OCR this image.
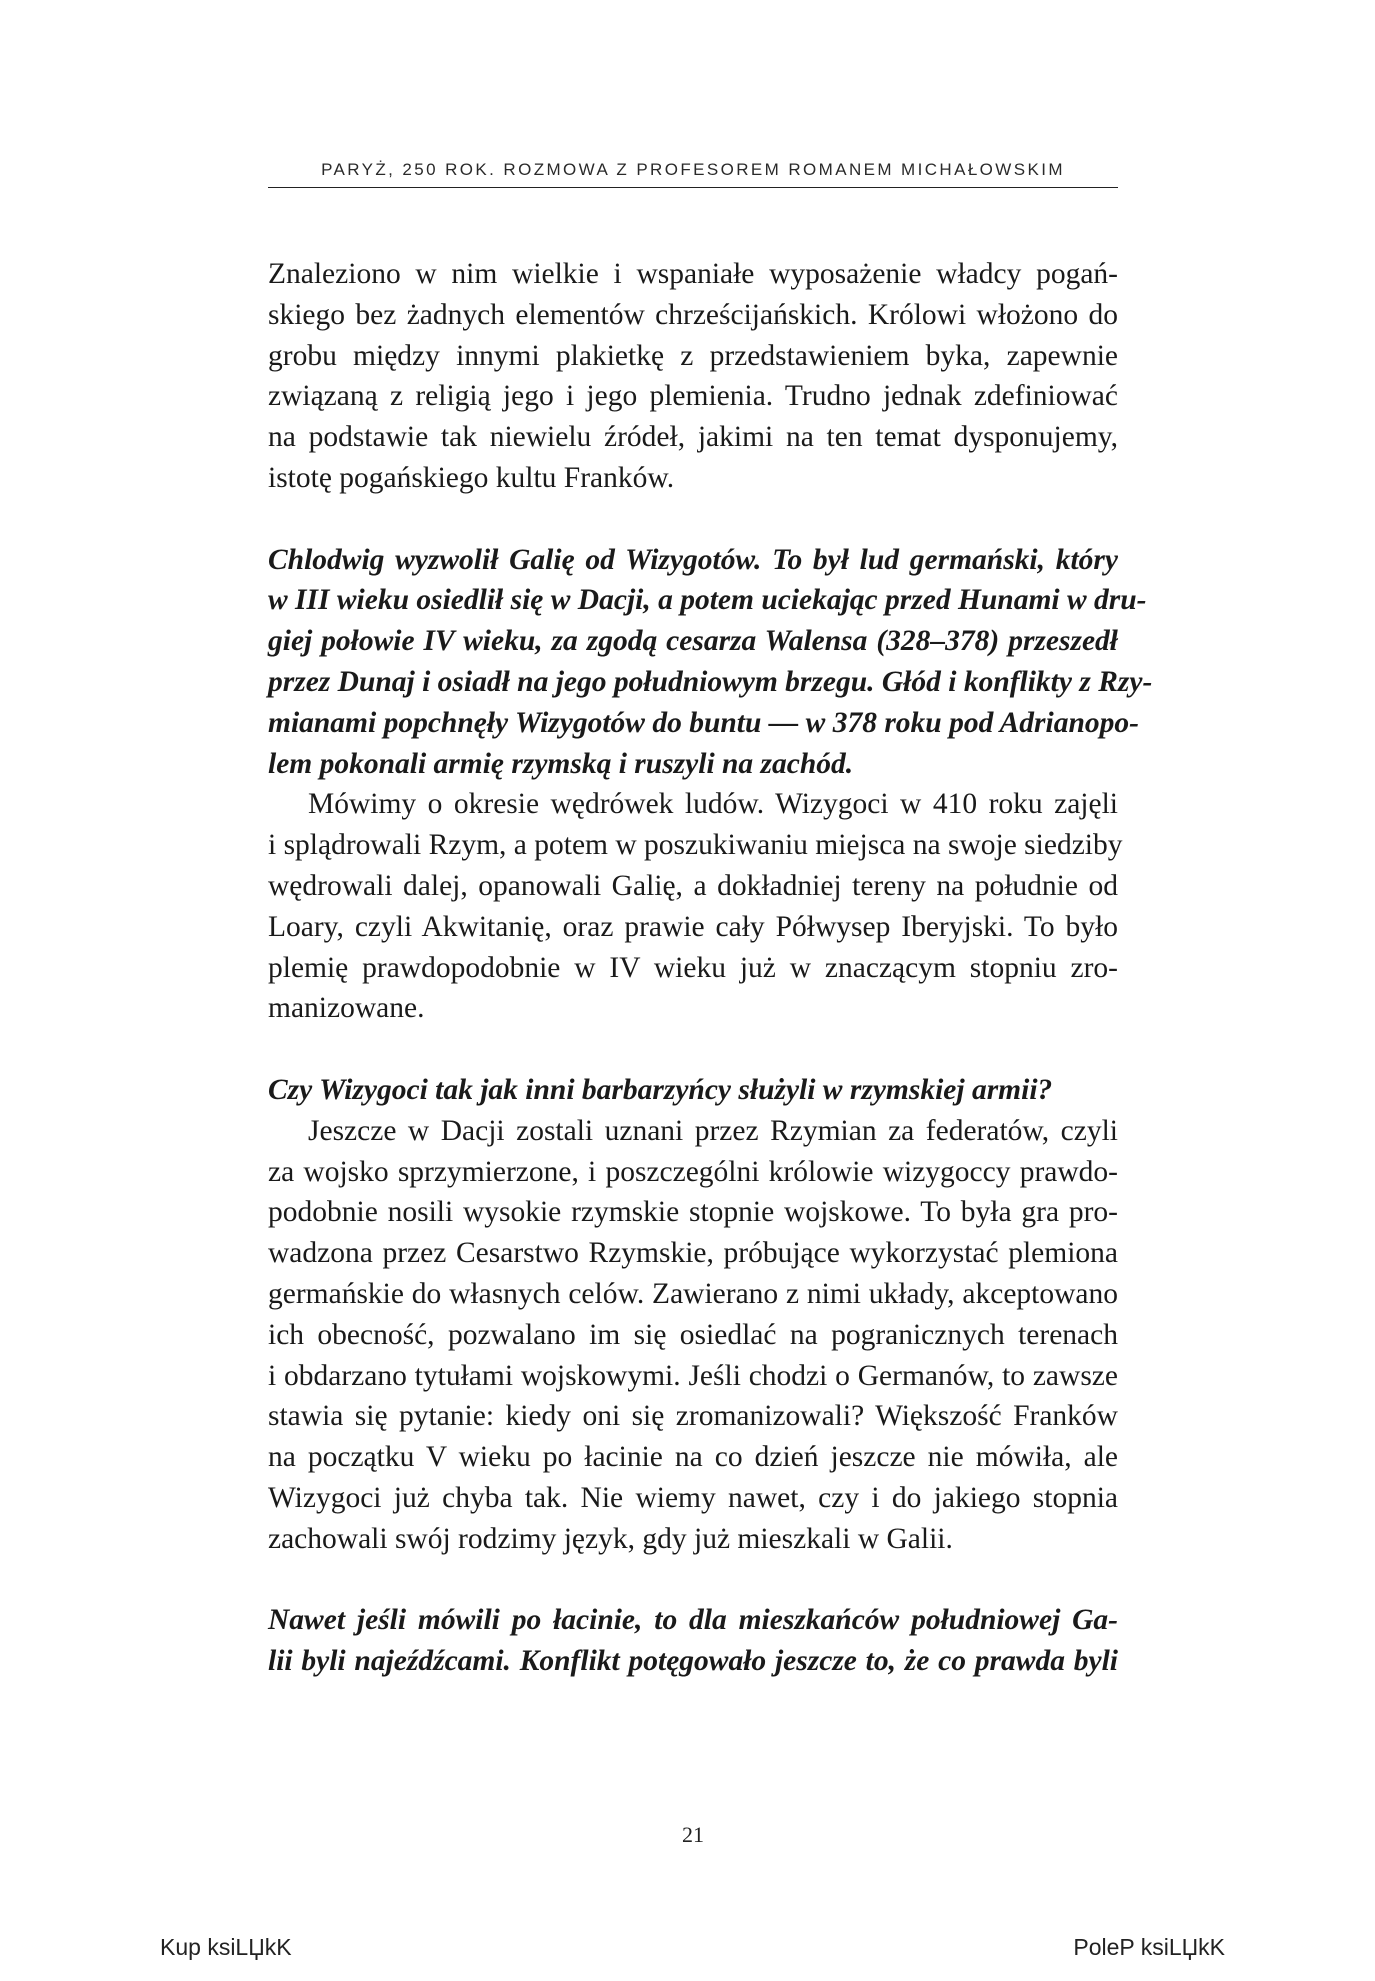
PARYŻ, 250 ROK. ROZMOWA Z PROFESOREM ROMANEM MICHAŁOWSKIM
Znaleziono w nim wielkie i wspaniałe wyposażenie władcy pogań-
skiego bez żadnych elementów chrześcijańskich. Królowi włożono do
grobu między innymi plakietkę z przedstawieniem byka, zapewnie
związaną z religią jego i jego plemienia. Trudno jednak zdefiniować
na podstawie tak niewielu źródeł, jakimi na ten temat dysponujemy,
istotę pogańskiego kultu Franków.
Chlodwig wyzwolił Galię od Wizygotów. To był lud germański, który
w III wieku osiedlił się w Dacji, a potem uciekając przed Hunami w dru-
giej połowie IV wieku, za zgodą cesarza Walensa (328–378) przeszedł
przez Dunaj i osiadł na jego południowym brzegu. Głód i konflikty z Rzy-
mianami popchnęły Wizygotów do buntu — w 378 roku pod Adrianopo-
lem pokonali armię rzymską i ruszyli na zachód.
Mówimy o okresie wędrówek ludów. Wizygoci w 410 roku zajęli
i splądrowali Rzym, a potem w poszukiwaniu miejsca na swoje siedziby
wędrowali dalej, opanowali Galię, a dokładniej tereny na południe od
Loary, czyli Akwitanię, oraz prawie cały Półwysep Iberyjski. To było
plemię prawdopodobnie w IV wieku już w znaczącym stopniu zro-
manizowane.
Czy Wizygoci tak jak inni barbarzyńcy służyli w rzymskiej armii?
Jeszcze w Dacji zostali uznani przez Rzymian za federatów, czyli
za wojsko sprzymierzone, i poszczególni królowie wizygoccy prawdo-
podobnie nosili wysokie rzymskie stopnie wojskowe. To była gra pro-
wadzona przez Cesarstwo Rzymskie, próbujące wykorzystać plemiona
germańskie do własnych celów. Zawierano z nimi układy, akceptowano
ich obecność, pozwalano im się osiedlać na pogranicznych terenach
i obdarzano tytułami wojskowymi. Jeśli chodzi o Germanów, to zawsze
stawia się pytanie: kiedy oni się zromanizowali? Większość Franków
na początku V wieku po łacinie na co dzień jeszcze nie mówiła, ale
Wizygoci już chyba tak. Nie wiemy nawet, czy i do jakiego stopnia
zachowali swój rodzimy język, gdy już mieszkali w Galii.
Nawet jeśli mówili po łacinie, to dla mieszkańców południowej Ga-
lii byli najeźdźcami. Konflikt potęgowało jeszcze to, że co prawda byli
21
Kup ksiLЏkK	PoleP ksiLЏkK
